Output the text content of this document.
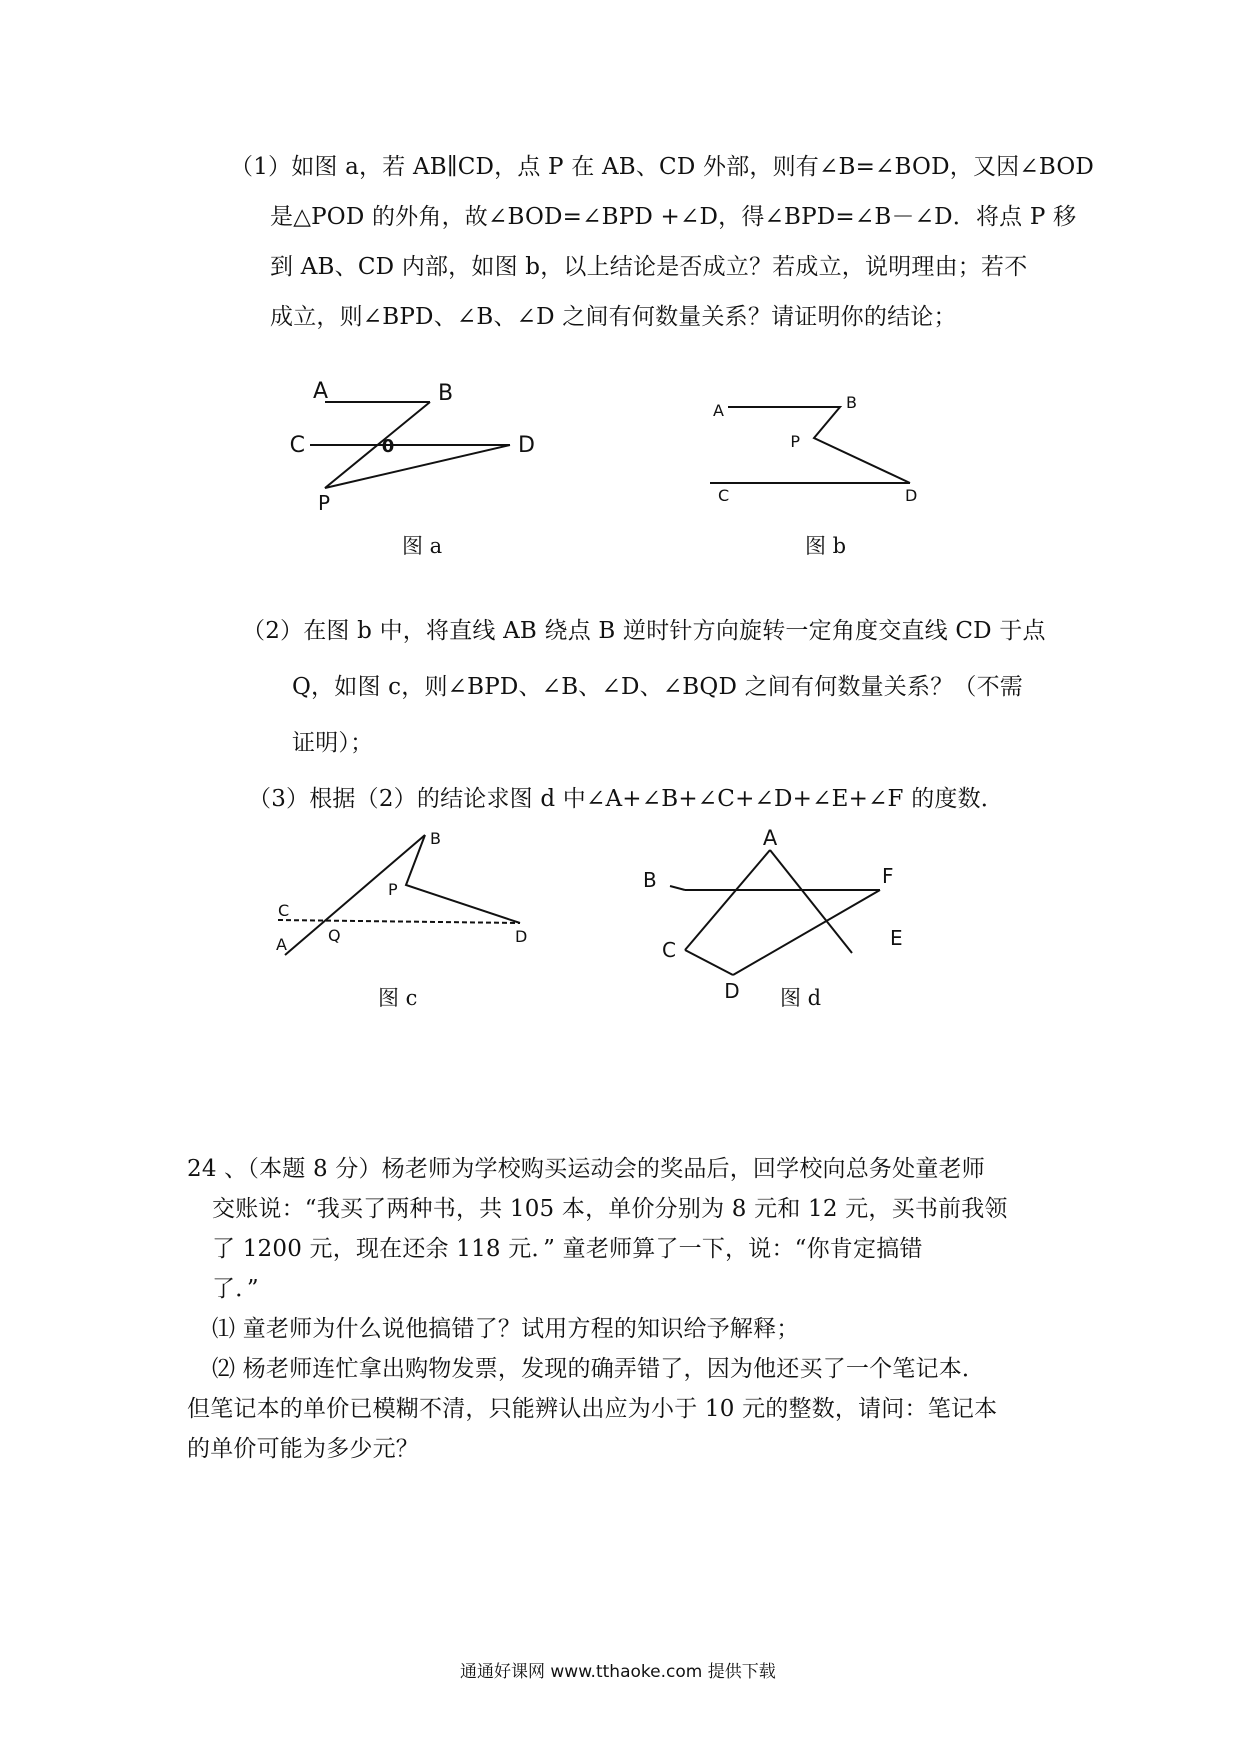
（1）如图 a，若 AB∥CD，点 P 在 AB、CD 外部，则有∠B=∠BOD，又因∠BOD
是△POD 的外角，故∠BOD=∠BPD +∠D，得∠BPD=∠B－∠D．将点 P 移
到 AB、CD 内部，如图 b，以上结论是否成立？若成立，说明理由；若不
成立，则∠BPD、∠B、∠D 之间有何数量关系？请证明你的结论；
A	B
C	D
0
P
图 a
A	B
P
C	D
图 b
（2）在图 b 中，将直线 AB 绕点 B 逆时针方向旋转一定角度交直线 CD 于点
Q，如图 c，则∠BPD、∠B、∠D、∠BQD 之间有何数量关系？（不需
证明）；
（3）根据（2）的结论求图 d 中∠A+∠B+∠C+∠D+∠E+∠F 的度数．
B
P
C
A	Q	D
图 c
A
B	F
C	E
D 图 d
24 、（本题 8 分）杨老师为学校购买运动会的奖品后，回学校向总务处童老师
交账说：“我买了两种书，共 105 本，单价分别为 8 元和 12 元，买书前我领
了 1200 元，现在还余 118 元．” 童老师算了一下，说：“你肯定搞错
了．”
⑴ 童老师为什么说他搞错了？试用方程的知识给予解释；
⑵ 杨老师连忙拿出购物发票，发现的确弄错了，因为他还买了一个笔记本．
但笔记本的单价已模糊不清，只能辨认出应为小于 10 元的整数，请问：笔记本
的单价可能为多少元？
通通好课网 www.tthaoke.com 提供下载
